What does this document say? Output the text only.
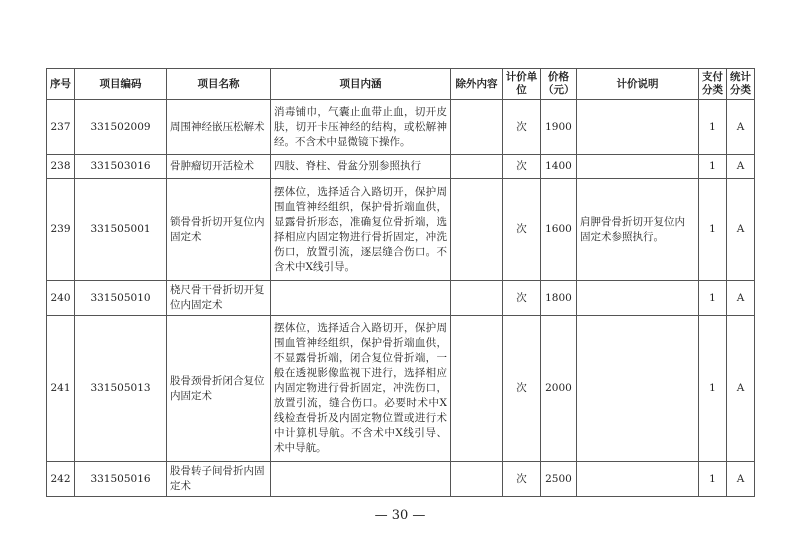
序号	项目编码	项目名称	项目内涵	除外内容	计价单位	价格（元）	计价说明	支付分类	统计分类
237	331502009	周围神经嵌压松解术	消毒铺巾，气囊止血带止血，切开皮肤，切开卡压神经的结构，或松解神经。不含术中显微镜下操作。		次	1900		1	A
238	331503016	骨肿瘤切开活检术	四肢、脊柱、骨盆分别参照执行		次	1400		1	A
239	331505001	锁骨骨折切开复位内固定术	摆体位，选择适合入路切开，保护周围血管神经组织，保护骨折端血供，显露骨折形态，准确复位骨折端，选择相应内固定物进行骨折固定，冲洗伤口，放置引流，逐层缝合伤口。不含术中X线引导。		次	1600	肩胛骨骨折切开复位内固定术参照执行。	1	A
240	331505010	桡尺骨干骨折切开复位内固定术			次	1800		1	A
241	331505013	股骨颈骨折闭合复位内固定术	摆体位，选择适合入路切开，保护周围血管神经组织，保护骨折端血供，不显露骨折端，闭合复位骨折端，一般在透视影像监视下进行，选择相应内固定物进行骨折固定，冲洗伤口，放置引流，缝合伤口。必要时术中X线检查骨折及内固定物位置或进行术中计算机导航。不含术中X线引导、术中导航。		次	2000		1	A
242	331505016	股骨转子间骨折内固定术			次	2500		1	A
— 30 —
